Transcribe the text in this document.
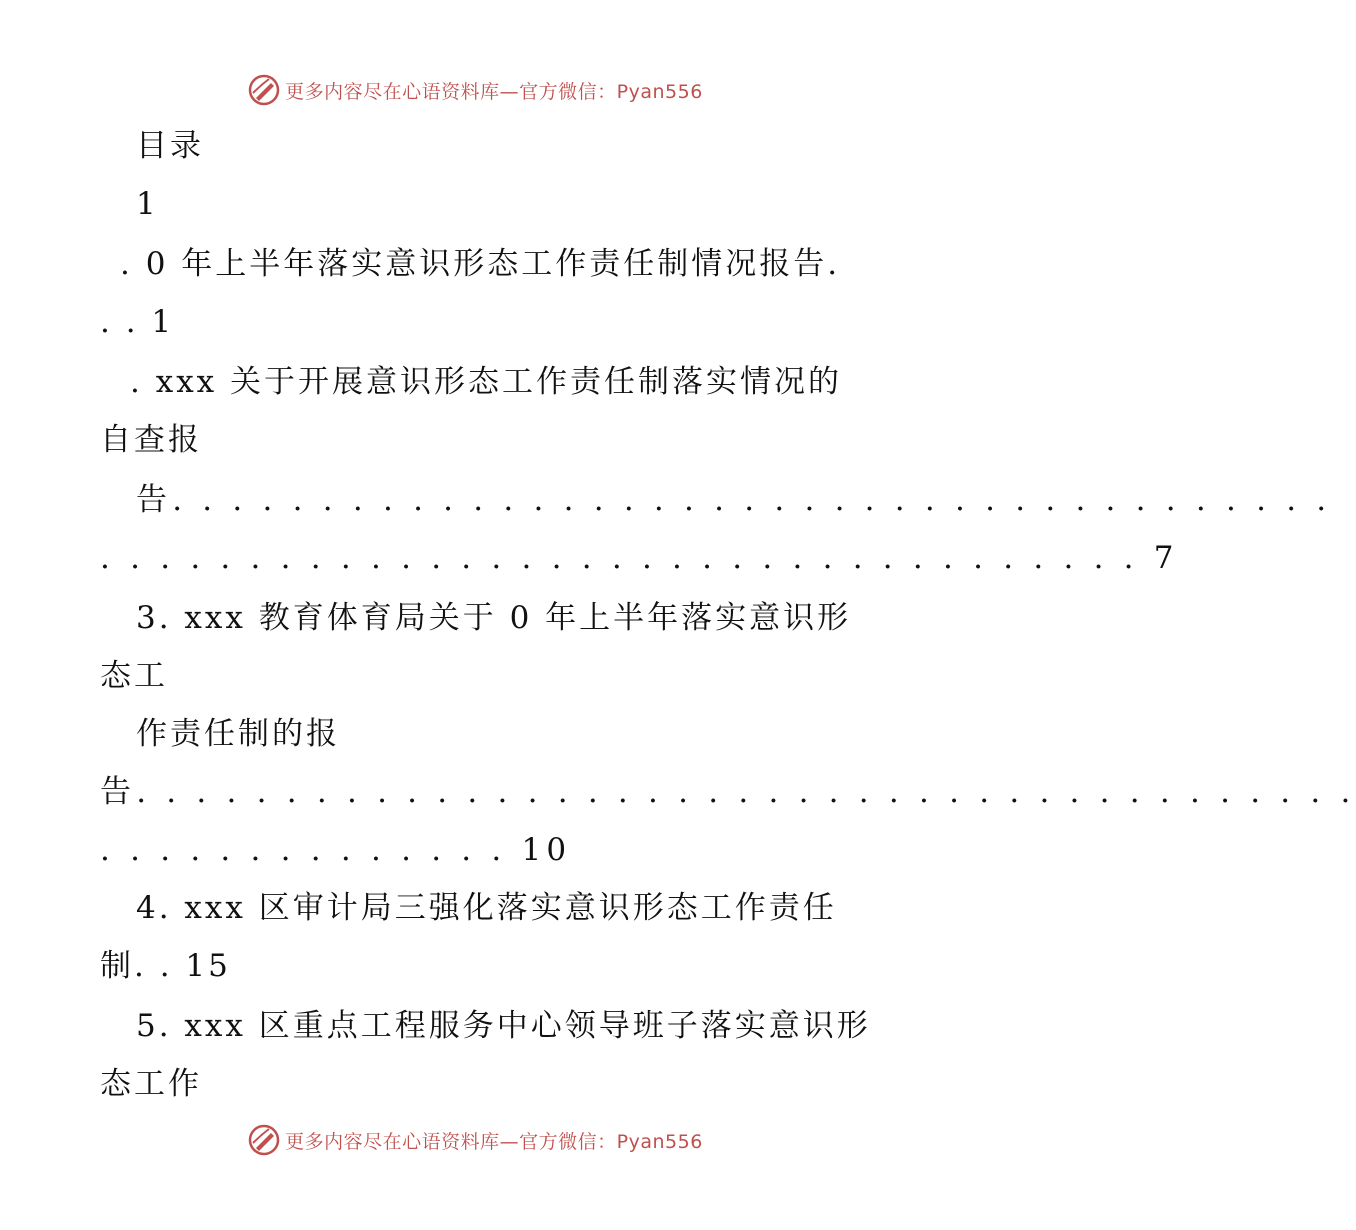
更多内容尽在心语资料库—官方微信：Pyan556
目录
1
. 0 年上半年落实意识形态工作责任制情况报告.
. . 1
. xxx 关于开展意识形态工作责任制落实情况的
自查报
告. . . . . . . . . . . . . . . . . . . . . . . . . . . . . . . . . . . . . . .
. . . . . . . . . . . . . . . . . . . . . . . . . . . . . . . . . . . 7
3. xxx 教育体育局关于 0 年上半年落实意识形
态工
作责任制的报
告. . . . . . . . . . . . . . . . . . . . . . . . . . . . . . . . . . . . . . . . .
. . . . . . . . . . . . . . 10
4. xxx 区审计局三强化落实意识形态工作责任
制. . 15
5. xxx 区重点工程服务中心领导班子落实意识形
态工作
更多内容尽在心语资料库—官方微信：Pyan556
